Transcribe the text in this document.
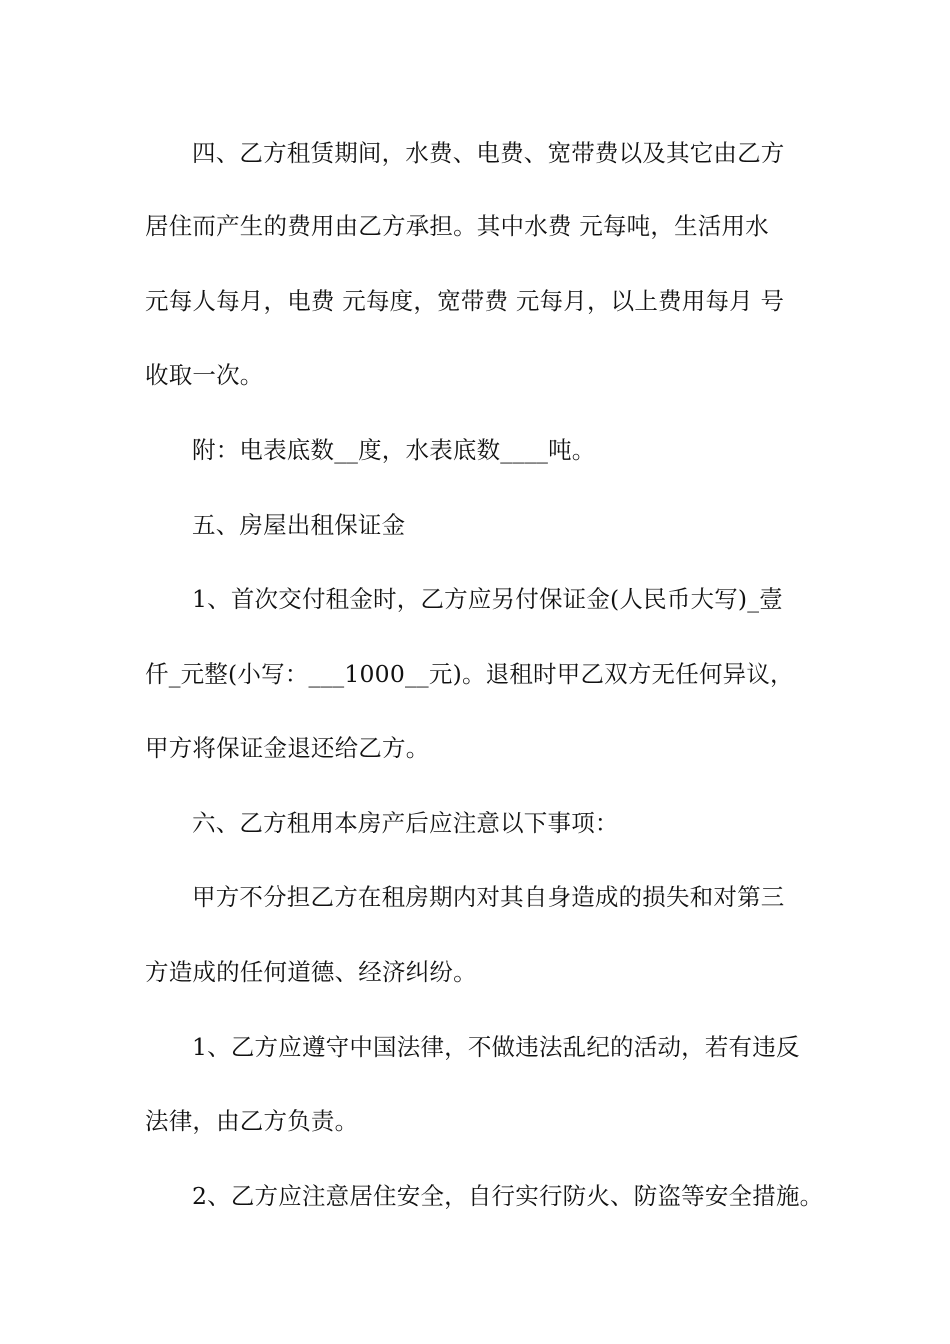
四、乙方租赁期间，水费、电费、宽带费以及其它由乙方
居住而产生的费用由乙方承担。其中水费 元每吨，生活用水
元每人每月，电费 元每度，宽带费 元每月，以上费用每月 号
收取一次。
附：电表底数__度，水表底数____吨。
五、房屋出租保证金
1、首次交付租金时，乙方应另付保证金(人民币大写)_壹
仟_元整(小写：___1000__元)。退租时甲乙双方无任何异议，
甲方将保证金退还给乙方。
六、乙方租用本房产后应注意以下事项：
甲方不分担乙方在租房期内对其自身造成的损失和对第三
方造成的任何道德、经济纠纷。
1、乙方应遵守中国法律，不做违法乱纪的活动，若有违反
法律，由乙方负责。
2、乙方应注意居住安全，自行实行防火、防盗等安全措施。
